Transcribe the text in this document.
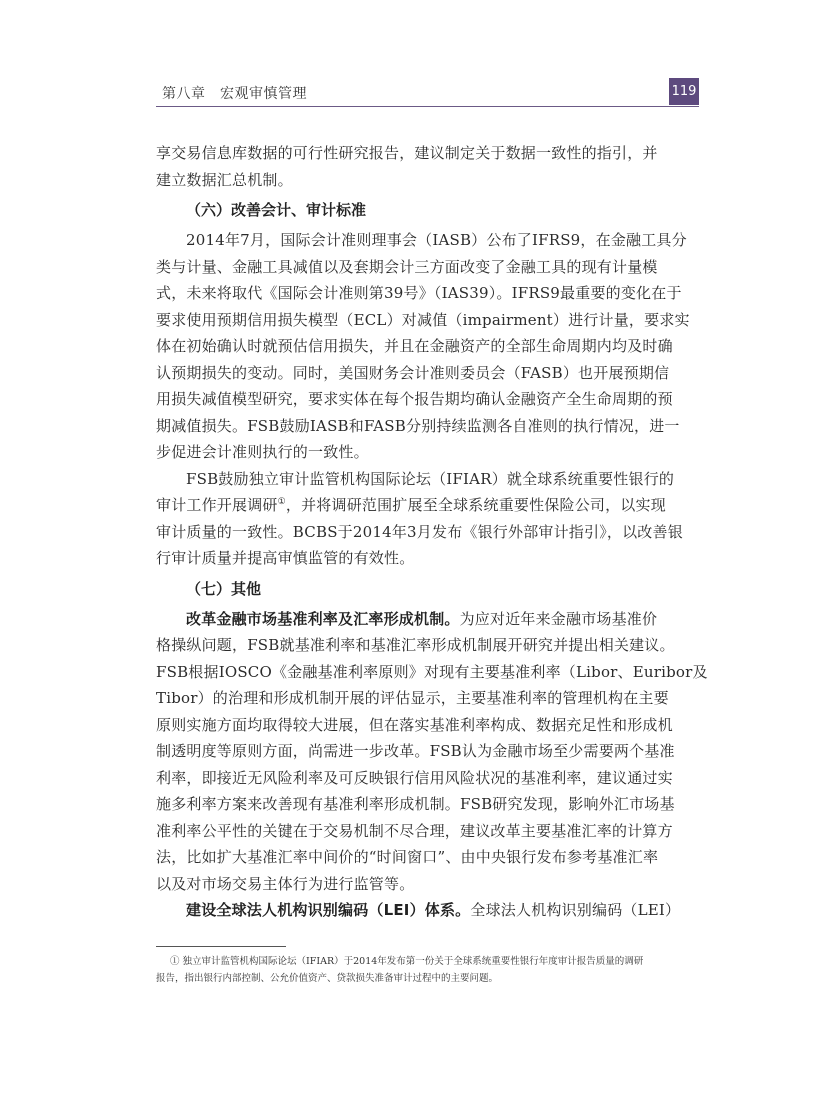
第八章　宏观审慎管理	119
享交易信息库数据的可行性研究报告，建议制定关于数据一致性的指引，并
建立数据汇总机制。
（六）改善会计、审计标准
2014年7月，国际会计准则理事会（IASB）公布了IFRS9，在金融工具分
类与计量、金融工具减值以及套期会计三方面改变了金融工具的现有计量模
式，未来将取代《国际会计准则第39号》（IAS39）。IFRS9最重要的变化在于
要求使用预期信用损失模型（ECL）对减值（impairment）进行计量，要求实
体在初始确认时就预估信用损失，并且在金融资产的全部生命周期内均及时确
认预期损失的变动。同时，美国财务会计准则委员会（FASB）也开展预期信
用损失减值模型研究，要求实体在每个报告期均确认金融资产全生命周期的预
期减值损失。FSB鼓励IASB和FASB分别持续监测各自准则的执行情况，进一
步促进会计准则执行的一致性。
FSB鼓励独立审计监管机构国际论坛（IFIAR）就全球系统重要性银行的
审计工作开展调研①，并将调研范围扩展至全球系统重要性保险公司，以实现
审计质量的一致性。BCBS于2014年3月发布《银行外部审计指引》，以改善银
行审计质量并提高审慎监管的有效性。
（七）其他
改革金融市场基准利率及汇率形成机制。为应对近年来金融市场基准价
格操纵问题，FSB就基准利率和基准汇率形成机制展开研究并提出相关建议。
FSB根据IOSCO《金融基准利率原则》对现有主要基准利率（Libor、Euribor及
Tibor）的治理和形成机制开展的评估显示，主要基准利率的管理机构在主要
原则实施方面均取得较大进展，但在落实基准利率构成、数据充足性和形成机
制透明度等原则方面，尚需进一步改革。FSB认为金融市场至少需要两个基准
利率，即接近无风险利率及可反映银行信用风险状况的基准利率，建议通过实
施多利率方案来改善现有基准利率形成机制。FSB研究发现，影响外汇市场基
准利率公平性的关键在于交易机制不尽合理，建议改革主要基准汇率的计算方
法，比如扩大基准汇率中间价的“时间窗口”、由中央银行发布参考基准汇率
以及对市场交易主体行为进行监管等。
建设全球法人机构识别编码（LEI）体系。全球法人机构识别编码（LEI）
① 独立审计监管机构国际论坛（IFIAR）于2014年发布第一份关于全球系统重要性银行年度审计报告质量的调研
报告，指出银行内部控制、公允价值资产、贷款损失准备审计过程中的主要问题。
